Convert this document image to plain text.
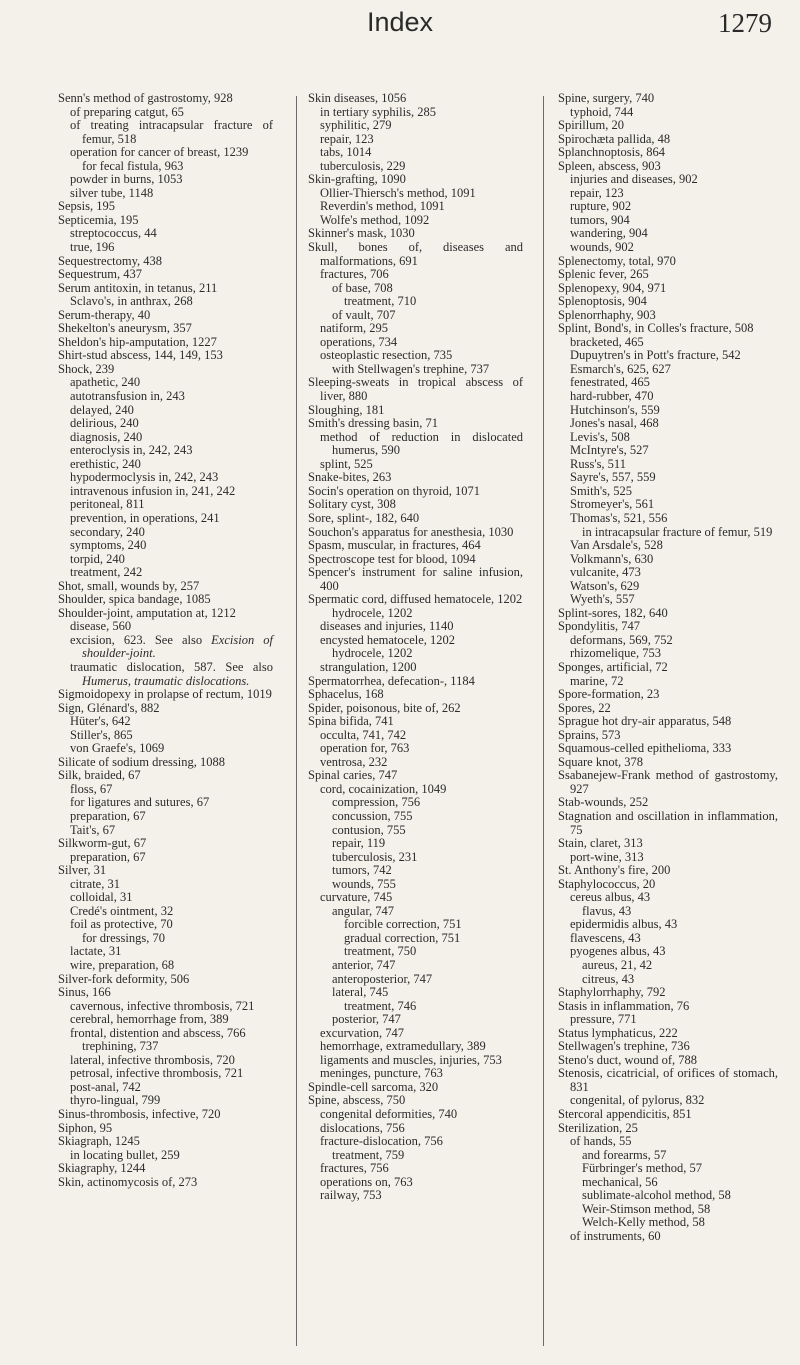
Index	1279
Senn's method of gastrostomy, 928
of preparing catgut, 65
of treating intracapsular fracture of femur, 518
operation for cancer of breast, 1239
for fecal fistula, 963
powder in burns, 1053
silver tube, 1148
Sepsis, 195
Septicemia, 195
streptococcus, 44
true, 196
Sequestrectomy, 438
Sequestrum, 437
Serum antitoxin, in tetanus, 211
Sclavo's, in anthrax, 268
Serum-therapy, 40
Shekelton's aneurysm, 357
Sheldon's hip-amputation, 1227
Shirt-stud abscess, 144, 149, 153
Shock, 239
apathetic, 240
autotransfusion in, 243
delayed, 240
delirious, 240
diagnosis, 240
enteroclysis in, 242, 243
erethistic, 240
hypodermoclysis in, 242, 243
intravenous infusion in, 241, 242
peritoneal, 811
prevention, in operations, 241
secondary, 240
symptoms, 240
torpid, 240
treatment, 242
Shot, small, wounds by, 257
Shoulder, spica bandage, 1085
Shoulder-joint, amputation at, 1212
disease, 560
excision, 623. See also Excision of shoulder-joint.
traumatic dislocation, 587. See also Humerus, traumatic dislocations.
Sigmoidopexy in prolapse of rectum, 1019
Sign, Glénard's, 882
Hüter's, 642
Stiller's, 865
von Graefe's, 1069
Silicate of sodium dressing, 1088
Silk, braided, 67
floss, 67
for ligatures and sutures, 67
preparation, 67
Tait's, 67
Silkworm-gut, 67
preparation, 67
Silver, 31
citrate, 31
colloidal, 31
Credé's ointment, 32
foil as protective, 70
for dressings, 70
lactate, 31
wire, preparation, 68
Silver-fork deformity, 506
Sinus, 166
cavernous, infective thrombosis, 721
cerebral, hemorrhage from, 389
frontal, distention and abscess, 766
trephining, 737
lateral, infective thrombosis, 720
petrosal, infective thrombosis, 721
post-anal, 742
thyro-lingual, 799
Sinus-thrombosis, infective, 720
Siphon, 95
Skiagraph, 1245
in locating bullet, 259
Skiagraphy, 1244
Skin, actinomycosis of, 273
Skin diseases, 1056
in tertiary syphilis, 285
syphilitic, 279
repair, 123
tabs, 1014
tuberculosis, 229
Skin-grafting, 1090
Ollier-Thiersch's method, 1091
Reverdin's method, 1091
Wolfe's method, 1092
Skinner's mask, 1030
Skull, bones of, diseases and malformations, 691
fractures, 706
of base, 708
treatment, 710
of vault, 707
natiform, 295
operations, 734
osteoplastic resection, 735
with Stellwagen's trephine, 737
Sleeping-sweats in tropical abscess of liver, 880
Sloughing, 181
Smith's dressing basin, 71
method of reduction in dislocated humerus, 590
splint, 525
Snake-bites, 263
Socin's operation on thyroid, 1071
Solitary cyst, 308
Sore, splint-, 182, 640
Souchon's apparatus for anesthesia, 1030
Spasm, muscular, in fractures, 464
Spectroscope test for blood, 1094
Spencer's instrument for saline infusion, 400
Spermatic cord, diffused hematocele, 1202
hydrocele, 1202
diseases and injuries, 1140
encysted hematocele, 1202
hydrocele, 1202
strangulation, 1200
Spermatorrhea, defecation-, 1184
Sphacelus, 168
Spider, poisonous, bite of, 262
Spina bifida, 741
occulta, 741, 742
operation for, 763
ventrosa, 232
Spinal caries, 747
cord, cocainization, 1049
compression, 756
concussion, 755
contusion, 755
repair, 119
tuberculosis, 231
tumors, 742
wounds, 755
curvature, 745
angular, 747
forcible correction, 751
gradual correction, 751
treatment, 750
anterior, 747
anteroposterior, 747
lateral, 745
treatment, 746
posterior, 747
excurvation, 747
hemorrhage, extramedullary, 389
ligaments and muscles, injuries, 753
meninges, puncture, 763
Spindle-cell sarcoma, 320
Spine, abscess, 750
congenital deformities, 740
dislocations, 756
fracture-dislocation, 756
treatment, 759
fractures, 756
operations on, 763
railway, 753
Spine, surgery, 740
typhoid, 744
Spirillum, 20
Spirochæta pallida, 48
Splanchnoptosis, 864
Spleen, abscess, 903
injuries and diseases, 902
repair, 123
rupture, 902
tumors, 904
wandering, 904
wounds, 902
Splenectomy, total, 970
Splenic fever, 265
Splenopexy, 904, 971
Splenoptosis, 904
Splenorrhaphy, 903
Splint, Bond's, in Colles's fracture, 508
bracketed, 465
Dupuytren's in Pott's fracture, 542
Esmarch's, 625, 627
fenestrated, 465
hard-rubber, 470
Hutchinson's, 559
Jones's nasal, 468
Levis's, 508
McIntyre's, 527
Russ's, 511
Sayre's, 557, 559
Smith's, 525
Stromeyer's, 561
Thomas's, 521, 556
in intracapsular fracture of femur, 519
Van Arsdale's, 528
Volkmann's, 630
vulcanite, 473
Watson's, 629
Wyeth's, 557
Splint-sores, 182, 640
Spondylitis, 747
deformans, 569, 752
rhizomelique, 753
Sponges, artificial, 72
marine, 72
Spore-formation, 23
Spores, 22
Sprague hot dry-air apparatus, 548
Sprains, 573
Squamous-celled epithelioma, 333
Square knot, 378
Ssabanejew-Frank method of gastrostomy, 927
Stab-wounds, 252
Stagnation and oscillation in inflammation, 75
Stain, claret, 313
port-wine, 313
St. Anthony's fire, 200
Staphylococcus, 20
cereus albus, 43
flavus, 43
epidermidis albus, 43
flavescens, 43
pyogenes albus, 43
aureus, 21, 42
citreus, 43
Staphylorrhaphy, 792
Stasis in inflammation, 76
pressure, 771
Status lymphaticus, 222
Stellwagen's trephine, 736
Steno's duct, wound of, 788
Stenosis, cicatricial, of orifices of stomach, 831
congenital, of pylorus, 832
Stercoral appendicitis, 851
Sterilization, 25
of hands, 55
and forearms, 57
Fürbringer's method, 57
mechanical, 56
sublimate-alcohol method, 58
Weir-Stimson method, 58
Welch-Kelly method, 58
of instruments, 60
